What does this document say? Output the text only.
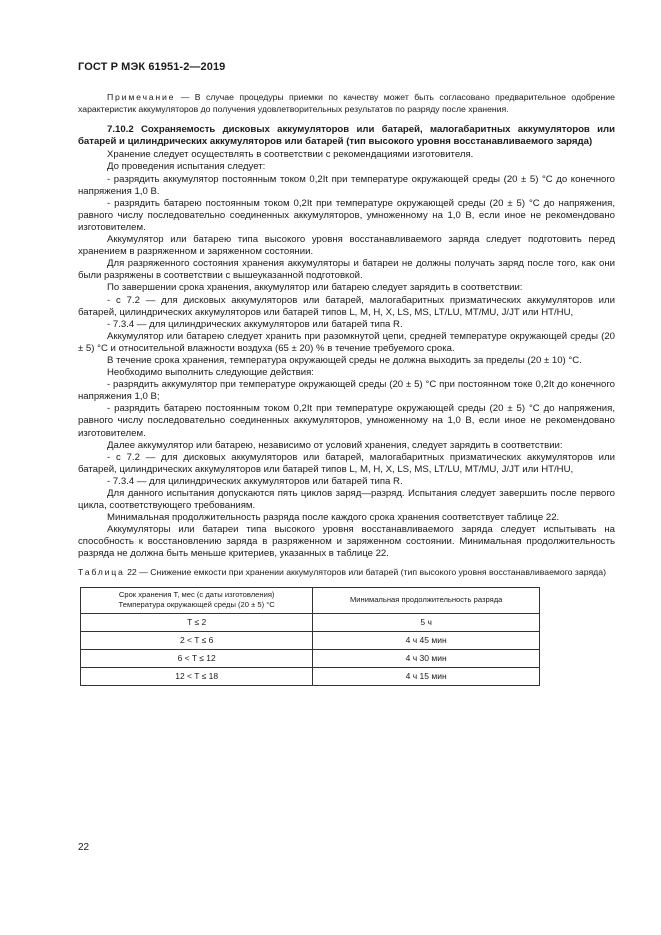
ГОСТ Р МЭК 61951-2—2019

Примечание — В случае процедуры приемки по качеству может быть согласовано предварительное одобрение характеристик аккумуляторов до получения удовлетворительных результатов по разряду после хранения.

7.10.2 Сохраняемость дисковых аккумуляторов или батарей, малогабаритных аккумуляторов или батарей и цилиндрических аккумуляторов или батарей (тип высокого уровня восстанавливаемого заряда)

Хранение следует осуществлять в соответствии с рекомендациями изготовителя.

До проведения испытания следует:

- разрядить аккумулятор постоянным током 0,2It при температуре окружающей среды (20 ± 5) °C до конечного напряжения 1,0 В.

- разрядить батарею постоянным током 0,2It при температуре окружающей среды (20 ± 5) °C до напряжения, равного числу последовательно соединенных аккумуляторов, умноженному на 1,0 В, если иное не рекомендовано изготовителем.

Аккумулятор или батарею типа высокого уровня восстанавливаемого заряда следует подготовить перед хранением в разряженном и заряженном состоянии.

Для разряженного состояния хранения аккумуляторы и батареи не должны получать заряд после того, как они были разряжены в соответствии с вышеуказанной подготовкой.

По завершении срока хранения, аккумулятор или батарею следует зарядить в соответствии:

- с 7.2 — для дисковых аккумуляторов или батарей, малогабаритных призматических аккумуляторов или батарей, цилиндрических аккумуляторов или батарей типов L, M, H, X, LS, MS, LT/LU, MT/MU, J/JT или HT/HU,

- 7.3.4 — для цилиндрических аккумуляторов или батарей типа R.

Аккумулятор или батарею следует хранить при разомкнутой цепи, средней температуре окружающей среды (20 ± 5) °C и относительной влажности воздуха (65 ± 20) % в течение требуемого срока.

В течение срока хранения, температура окружающей среды не должна выходить за пределы (20 ± 10) °C.

Необходимо выполнить следующие действия:

- разрядить аккумулятор при температуре окружающей среды (20 ± 5) °C при постоянном токе 0,2It до конечного напряжения 1,0 В;

- разрядить батарею постоянным током 0,2It при температуре окружающей среды (20 ± 5) °C до напряжения, равного числу последовательно соединенных аккумуляторов, умноженному на 1,0 В, если иное не рекомендовано изготовителем.

Далее аккумулятор или батарею, независимо от условий хранения, следует зарядить в соответствии:

- с 7.2 — для дисковых аккумуляторов или батарей, малогабаритных призматических аккумуляторов или батарей, цилиндрических аккумуляторов или батарей типов L, M, H, X, LS, MS, LT/LU, MT/MU, J/JT или HT/HU,

- 7.3.4 — для цилиндрических аккумуляторов или батарей типа R.

Для данного испытания допускаются пять циклов заряд—разряд. Испытания следует завершить после первого цикла, соответствующего требованиям.

Минимальная продолжительность разряда после каждого срока хранения соответствует таблице 22.

Аккумуляторы или батареи типа высокого уровня восстанавливаемого заряда следует испытывать на способность к восстановлению заряда в разряженном и заряженном состоянии. Минимальная продолжительность разряда не должна быть меньше критериев, указанных в таблице 22.

Таблица 22 — Снижение емкости при хранении аккумуляторов или батарей (тип высокого уровня восстанавливаемого заряда)

Срок хранения T, мес (с даты изготовления)
Температура окружающей среды (20 ± 5) °C	Минимальная продолжительность разряда
T ≤ 2	5 ч
2 < T ≤ 6	4 ч 45 мин
6 < T ≤ 12	4 ч 30 мин
12 < T ≤ 18	4 ч 15 мин
22
